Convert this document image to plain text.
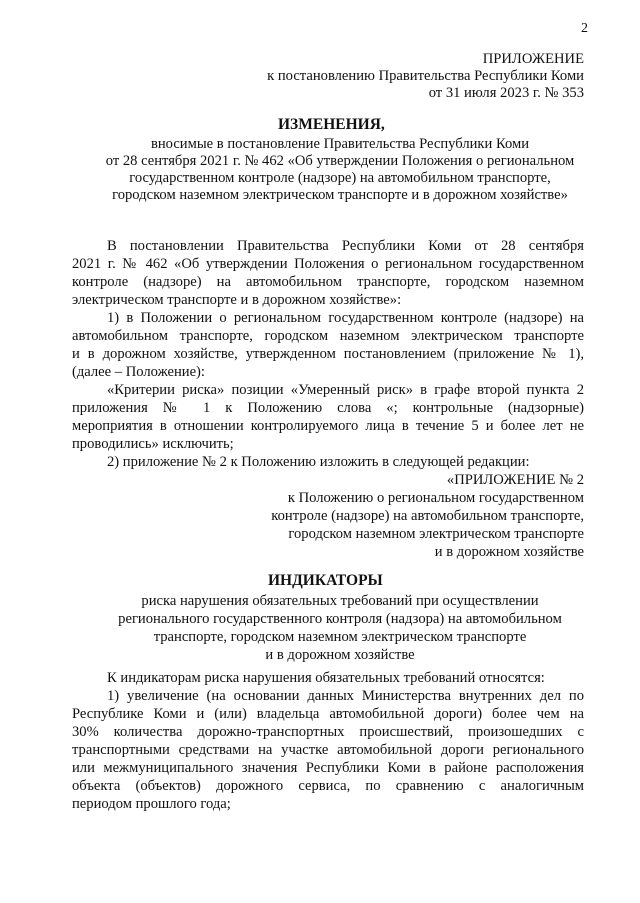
2
ПРИЛОЖЕНИЕ
к постановлению Правительства Республики Коми
от 31 июля 2023 г. № 353
ИЗМЕНЕНИЯ,
вносимые в постановление Правительства Республики Коми
от 28 сентября 2021 г. № 462 «Об утверждении Положения о региональном
государственном контроле (надзоре) на автомобильном транспорте,
городском наземном электрическом транспорте и в дорожном хозяйстве»
В постановлении Правительства Республики Коми от 28 сентября
2021 г. № 462 «Об утверждении Положения о региональном государственном
контроле (надзоре) на автомобильном транспорте, городском наземном
электрическом транспорте и в дорожном хозяйстве»:
1) в Положении о региональном государственном контроле (надзоре) на
автомобильном транспорте, городском наземном электрическом транспорте
и в дорожном хозяйстве, утвержденном постановлением (приложение № 1),
(далее – Положение):
«Критерии риска» позиции «Умеренный риск» в графе второй пункта 2
приложения № 1 к Положению слова «; контрольные (надзорные)
мероприятия в отношении контролируемого лица в течение 5 и более лет не
проводились» исключить;
2) приложение № 2 к Положению изложить в следующей редакции:
«ПРИЛОЖЕНИЕ № 2
к Положению о региональном государственном
контроле (надзоре) на автомобильном транспорте,
городском наземном электрическом транспорте
и в дорожном хозяйстве
ИНДИКАТОРЫ
риска нарушения обязательных требований при осуществлении
регионального государственного контроля (надзора) на автомобильном
транспорте, городском наземном электрическом транспорте
и в дорожном хозяйстве
К индикаторам риска нарушения обязательных требований относятся:
1) увеличение (на основании данных Министерства внутренних дел по
Республике Коми и (или) владельца автомобильной дороги) более чем на
30% количества дорожно-транспортных происшествий, произошедших с
транспортными средствами на участке автомобильной дороги регионального
или межмуниципального значения Республики Коми в районе расположения
объекта (объектов) дорожного сервиса, по сравнению с аналогичным
периодом прошлого года;
